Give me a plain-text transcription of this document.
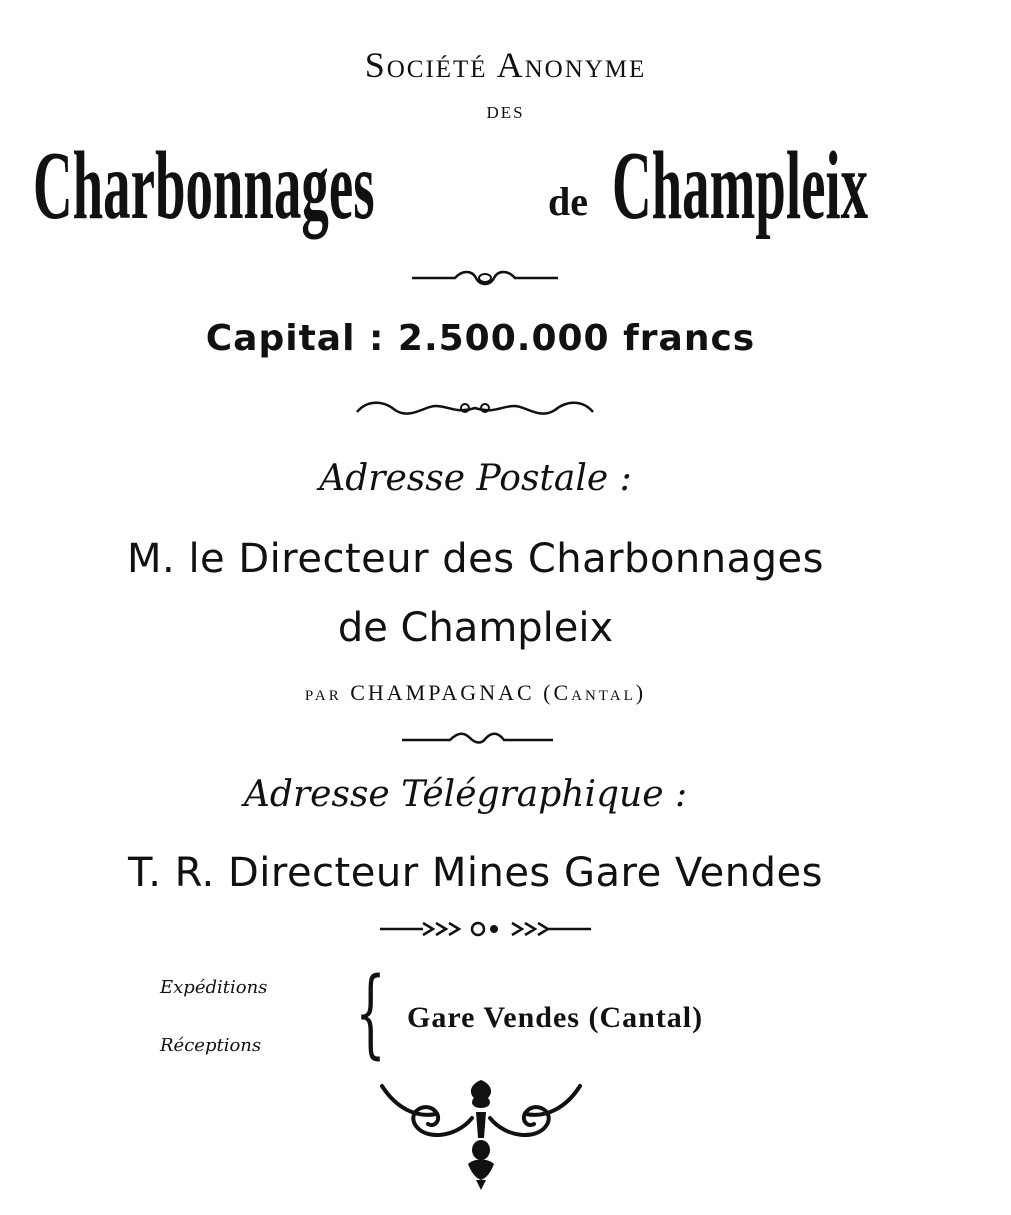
Société Anonyme
des
Charbonnages	de Champleix
Capital : 2.500.000 francs
Adresse Postale :
M. le Directeur des Charbonnages
de Champleix
par CHAMPAGNAC (Cantal)
Adresse Télégraphique :
T. R. Directeur Mines Gare Vendes
Expéditions
Réceptions { Gare Vendes (Cantal)
